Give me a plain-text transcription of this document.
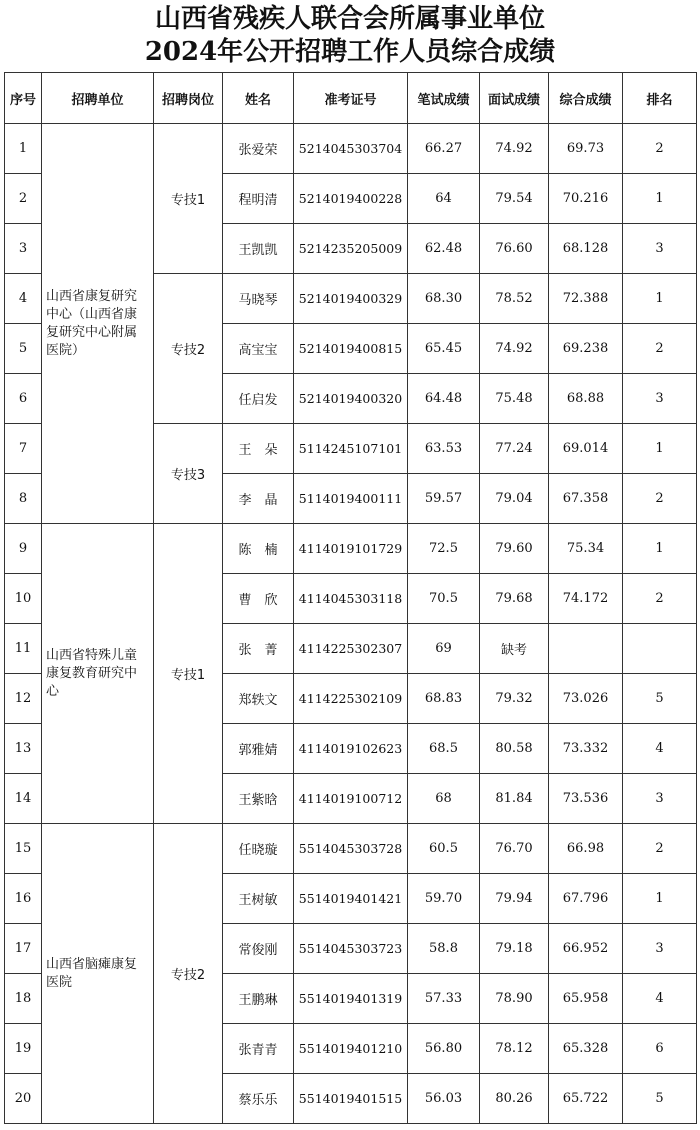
山西省残疾人联合会所属事业单位
2024年公开招聘工作人员综合成绩
序号	招聘单位	招聘岗位	姓名	准考证号	笔试成绩	面试成绩	综合成绩	排名
1	山西省康复研究中心（山西省康复研究中心附属医院）	专技1	张爱荣	5214045303704	66.27	74.92	69.73	2
2			程明清	5214019400228	64	79.54	70.216	1
3			王凯凯	5214235205009	62.48	76.60	68.128	3
4		专技2	马晓琴	5214019400329	68.30	78.52	72.388	1
5			高宝宝	5214019400815	65.45	74.92	69.238	2
6			任启发	5214019400320	64.48	75.48	68.88	3
7		专技3	王　朵	5114245107101	63.53	77.24	69.014	1
8			李　晶	5114019400111	59.57	79.04	67.358	2
9	山西省特殊儿童康复教育研究中心	专技1	陈　楠	4114019101729	72.5	79.60	75.34	1
10			曹　欣	4114045303118	70.5	79.68	74.172	2
11			张　菁	4114225302307	69	缺考		
12			郑轶文	4114225302109	68.83	79.32	73.026	5
13			郭雅婧	4114019102623	68.5	80.58	73.332	4
14			王紫晗	4114019100712	68	81.84	73.536	3
15	山西省脑瘫康复医院	专技2	任晓璇	5514045303728	60.5	76.70	66.98	2
16			王树敏	5514019401421	59.70	79.94	67.796	1
17			常俊刚	5514045303723	58.8	79.18	66.952	3
18			王鹏琳	5514019401319	57.33	78.90	65.958	4
19			张青青	5514019401210	56.80	78.12	65.328	6
20			蔡乐乐	5514019401515	56.03	80.26	65.722	5
